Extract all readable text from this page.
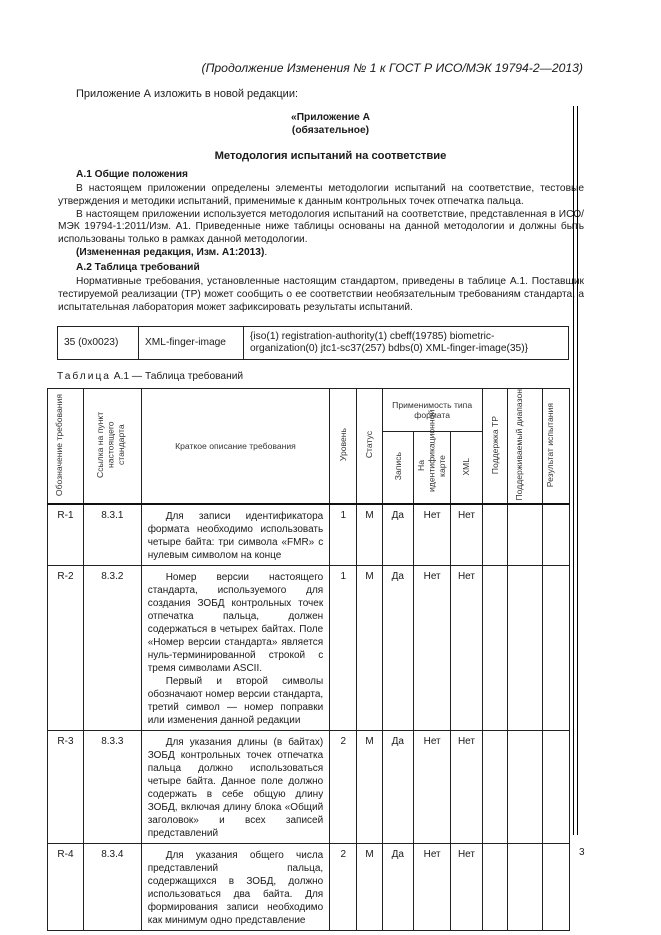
(Продолжение Изменения № 1 к ГОСТ Р ИСО/МЭК 19794-2—2013)
Приложение А изложить в новой редакции:
«Приложение А
(обязательное)
Методология испытаний на соответствие
А.1 Общие положения

В настоящем приложении определены элементы методологии испытаний на соответствие, тестовые утверждения и методики испытаний, применимые к данным контрольных точек отпечатка пальца.

В настоящем приложении используется методология испытаний на соответствие, представленная в ИСО/МЭК 19794-1:2011/Изм. А1. Приведенные ниже таблицы основаны на данной методологии и должны быть использованы только в рамках данной методологии.

(Измененная редакция, Изм. А1:2013).

А.2 Таблица требований

Нормативные требования, установленные настоящим стандартом, приведены в таблице А.1. Поставщик тестируемой реализации (ТР) может сообщить о ее соответствии необязательным требованиям стандарта, а испытательная лаборатория может зафиксировать результаты испытаний.

35 (0x0023)	XML-finger-image	{iso(1) registration-authority(1) cbeff(19785) biometric-organization(0) jtc1-sc37(257) bdbs(0) XML-finger-image(35)}
Таблица А.1 — Таблица требований
Обозначение требования	Ссылка на пункт настоящего стандарта	Краткое описание требования	Уровень	Статус	Применимость типа формата			Поддержка ТР	Поддерживаемый диапазон	Результат испытания
					Запись	На идентификационной карте	XML			
R-1	8.3.1	Для записи идентификатора формата необходимо использовать четыре байта: три символа «FMR» с нулевым символом на конце	1	M	Да	Нет	Нет			
R-2	8.3.2	Номер версии настоящего стандарта, используемого для создания ЗОБД контрольных точек отпечатка пальца, должен содержаться в четырех байтах. Поле «Номер версии стандарта» является нуль-терминированной строкой с тремя символами ASCII.

Первый и второй символы обозначают номер версии стандарта, третий символ — номер поправки или изменения данной редакции	1	M	Да	Нет	Нет			
R-3	8.3.3	Для указания длины (в байтах) ЗОБД контрольных точек отпечатка пальца должно использоваться четыре байта. Данное поле должно содержать в себе общую длину ЗОБД, включая длину блока «Общий заголовок» и всех записей представлений	2	M	Да	Нет	Нет			
R-4	8.3.4	Для указания общего числа представлений пальца, содержащихся в ЗОБД, должно использоваться два байта. Для формирования записи необходимо как минимум одно представление	2	M	Да	Нет	Нет				3
